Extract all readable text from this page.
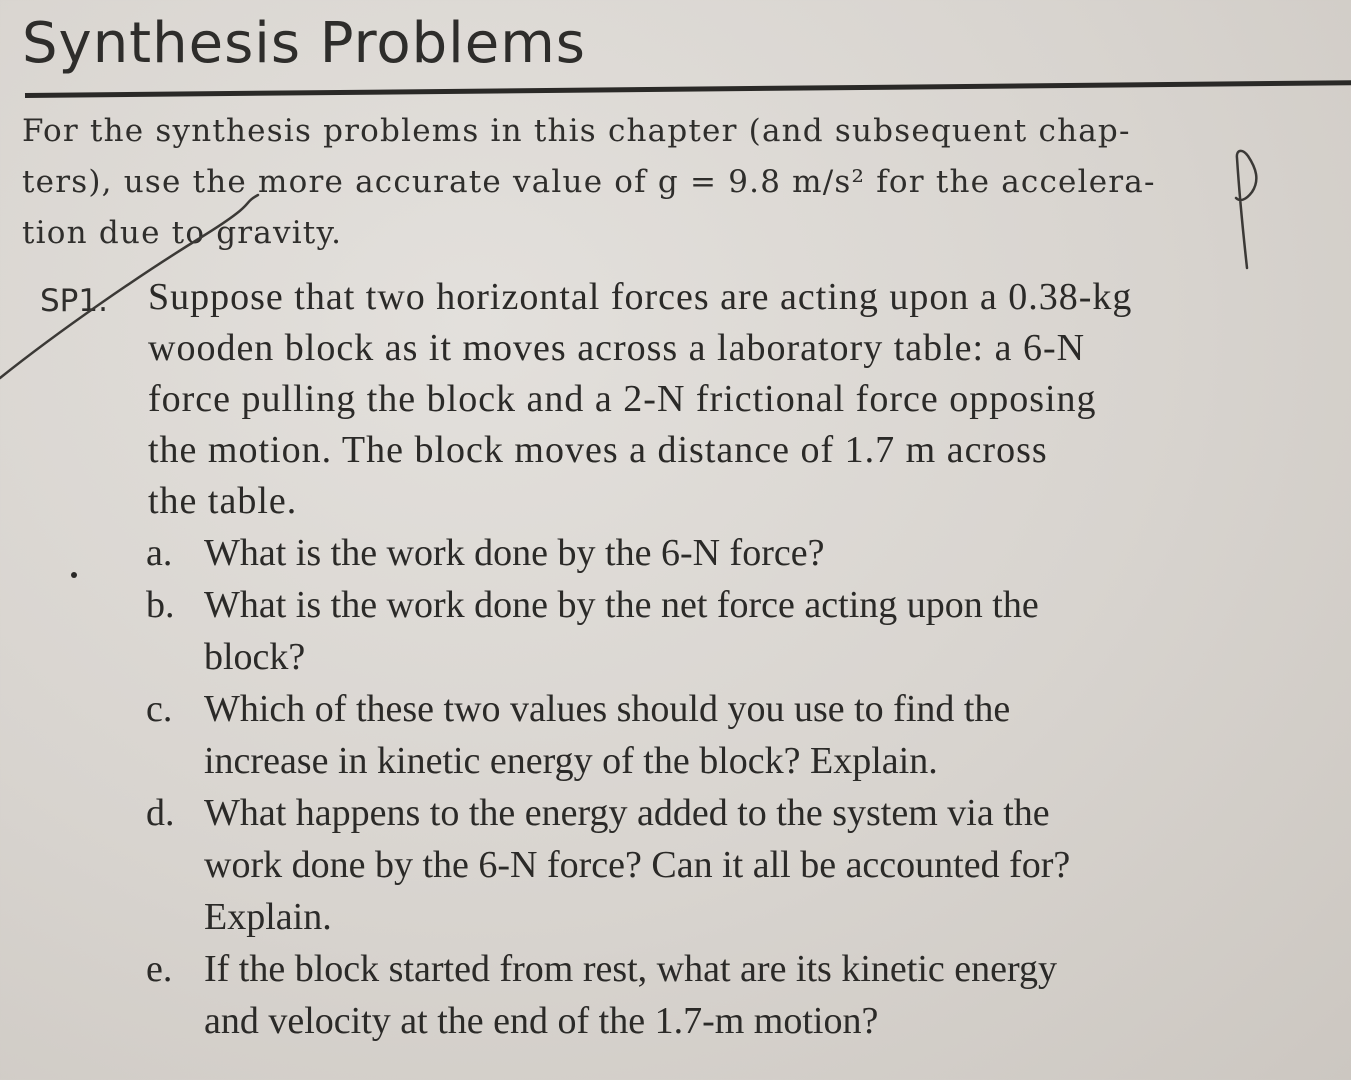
Synthesis Problems
For the synthesis problems in this chapter (and subsequent chap-
ters), use the more accurate value of g = 9.8 m/s² for the accelera-
tion due to gravity.
SP1. Suppose that two horizontal forces are acting upon a 0.38-kg
wooden block as it moves across a laboratory table: a 6-N
force pulling the block and a 2-N frictional force opposing
the motion. The block moves a distance of 1.7 m across
the table.
a. What is the work done by the 6-N force?
b. What is the work done by the net force acting upon the
block?
c. Which of these two values should you use to find the
increase in kinetic energy of the block? Explain.
d. What happens to the energy added to the system via the
work done by the 6-N force? Can it all be accounted for?
Explain.
e. If the block started from rest, what are its kinetic energy
and velocity at the end of the 1.7-m motion?
